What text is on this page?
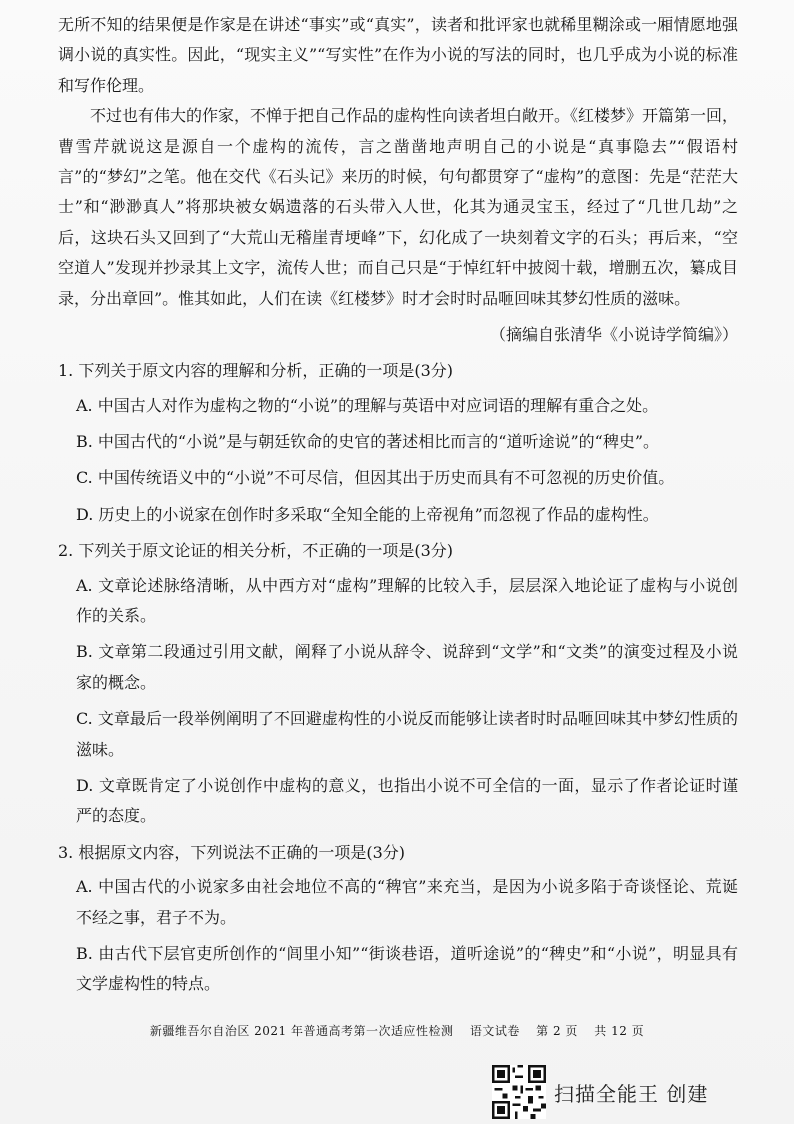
无所不知的结果便是作家是在讲述“事实”或“真实”，读者和批评家也就稀里糊涂或一厢情愿地强调小说的真实性。因此，“现实主义”“写实性”在作为小说的写法的同时，也几乎成为小说的标准和写作伦理。

不过也有伟大的作家，不惮于把自己作品的虚构性向读者坦白敞开。《红楼梦》开篇第一回，曹雪芹就说这是源自一个虚构的流传，言之凿凿地声明自己的小说是“真事隐去”“假语村言”的“梦幻”之笔。他在交代《石头记》来历的时候，句句都贯穿了“虚构”的意图：先是“茫茫大士”和“渺渺真人”将那块被女娲遗落的石头带入人世，化其为通灵宝玉，经过了“几世几劫”之后，这块石头又回到了“大荒山无稽崖青埂峰”下，幻化成了一块刻着文字的石头；再后来，“空空道人”发现并抄录其上文字，流传人世；而自己只是“于悼红轩中披阅十载，增删五次，纂成目录，分出章回”。惟其如此，人们在读《红楼梦》时才会时时品咂回味其梦幻性质的滋味。

（摘编自张清华《小说诗学简编》）
1. 下列关于原文内容的理解和分析，正确的一项是(3分)
A. 中国古人对作为虚构之物的“小说”的理解与英语中对应词语的理解有重合之处。
B. 中国古代的“小说”是与朝廷钦命的史官的著述相比而言的“道听途说”的“稗史”。
C. 中国传统语义中的“小说”不可尽信，但因其出于历史而具有不可忽视的历史价值。
D. 历史上的小说家在创作时多采取“全知全能的上帝视角”而忽视了作品的虚构性。
2. 下列关于原文论证的相关分析，不正确的一项是(3分)
A. 文章论述脉络清晰，从中西方对“虚构”理解的比较入手，层层深入地论证了虚构与小说创作的关系。
B. 文章第二段通过引用文献，阐释了小说从辞令、说辞到“文学”和“文类”的演变过程及小说家的概念。
C. 文章最后一段举例阐明了不回避虚构性的小说反而能够让读者时时品咂回味其中梦幻性质的滋味。
D. 文章既肯定了小说创作中虚构的意义，也指出小说不可全信的一面，显示了作者论证时谨严的态度。
3. 根据原文内容，下列说法不正确的一项是(3分)
A. 中国古代的小说家多由社会地位不高的“稗官”来充当，是因为小说多陷于奇谈怪论、荒诞不经之事，君子不为。
B. 由古代下层官吏所创作的“闾里小知”“街谈巷语，道听途说”的“稗史”和“小说”，明显具有文学虚构性的特点。
新疆维吾尔自治区 2021 年普通高考第一次适应性检测 语文试卷 第 2 页 共 12 页
扫描全能王 创建
